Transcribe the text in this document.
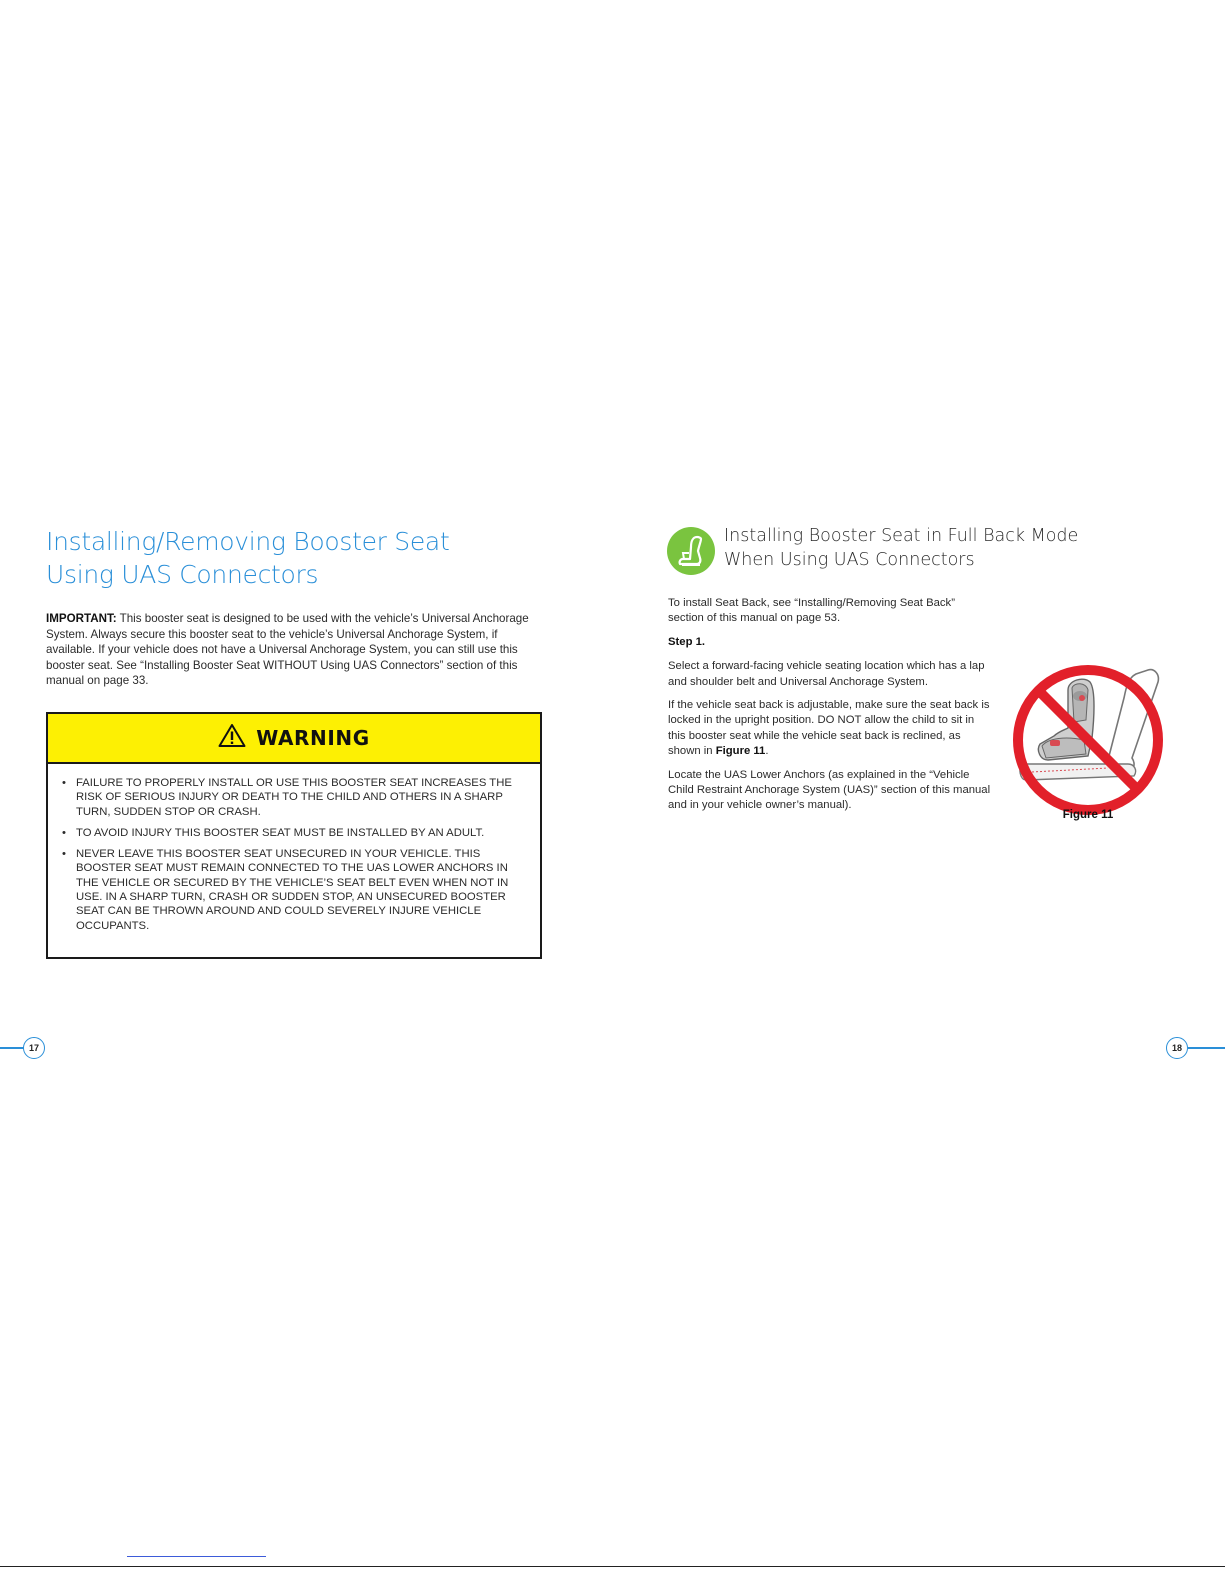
Installing/Removing Booster Seat
Using UAS Connectors

IMPORTANT: This booster seat is designed to be used with the vehicle’s Universal Anchorage System. Always secure this booster seat to the vehicle’s Universal Anchorage System, if available. If your vehicle does not have a Universal Anchorage System, you can still use this booster seat. See “Installing Booster Seat WITHOUT Using UAS Connectors” section of this manual on page 33.

WARNING
• FAILURE TO PROPERLY INSTALL OR USE THIS BOOSTER SEAT INCREASES THE RISK OF SERIOUS INJURY OR DEATH TO THE CHILD AND OTHERS IN A SHARP TURN, SUDDEN STOP OR CRASH.
• TO AVOID INJURY THIS BOOSTER SEAT MUST BE INSTALLED BY AN ADULT.
• NEVER LEAVE THIS BOOSTER SEAT UNSECURED IN YOUR VEHICLE. THIS BOOSTER SEAT MUST REMAIN CONNECTED TO THE UAS LOWER ANCHORS IN THE VEHICLE OR SECURED BY THE VEHICLE’S SEAT BELT EVEN WHEN NOT IN USE. IN A SHARP TURN, CRASH OR SUDDEN STOP, AN UNSECURED BOOSTER SEAT CAN BE THROWN AROUND AND COULD SEVERELY INJURE VEHICLE OCCUPANTS.
17
Installing Booster Seat in Full Back Mode
When Using UAS Connectors

To install Seat Back, see “Installing/Removing Seat Back” section of this manual on page 53.

Step 1.

Select a forward-facing vehicle seating location which has a lap and shoulder belt and Universal Anchorage System.

If the vehicle seat back is adjustable, make sure the seat back is locked in the upright position. DO NOT allow the child to sit in this booster seat while the vehicle seat back is reclined, as shown in Figure 11.

Locate the UAS Lower Anchors (as explained in the “Vehicle Child Restraint Anchorage System (UAS)” section of this manual and in your vehicle owner’s manual).

Figure 11
18
